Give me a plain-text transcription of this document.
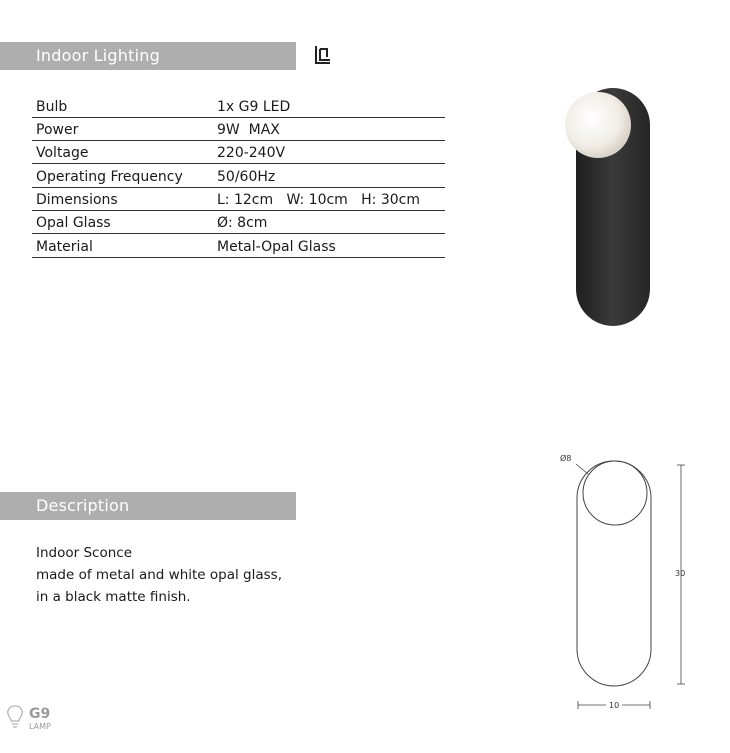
Indoor Lighting
Bulb	1x G9 LED
Power	9W  MAX
Voltage	220-240V
Operating Frequency	50/60Hz
Dimensions	L: 12cm   W: 10cm   H: 30cm
Opal Glass	Ø: 8cm
Material	Metal-Opal Glass
Ø8
30
10
Description
Indoor Sconce
made of metal and white opal glass,
in a black matte finish.
G9
LAMP
